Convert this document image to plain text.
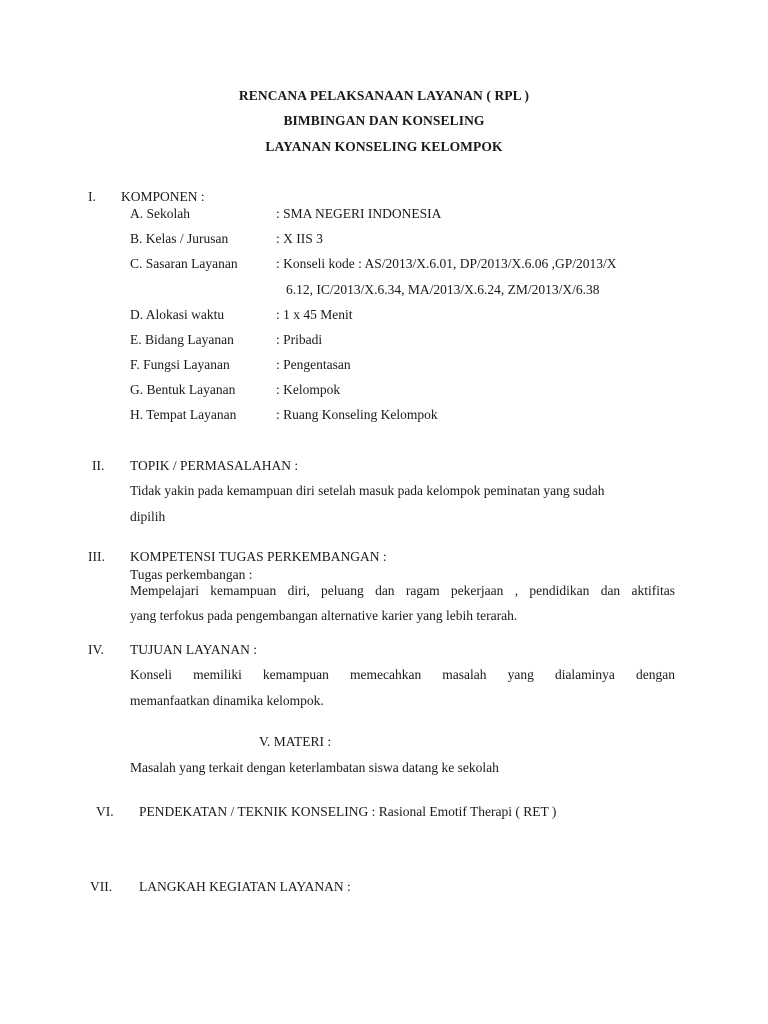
RENCANA PELAKSANAAN LAYANAN ( RPL )
BIMBINGAN DAN KONSELING
LAYANAN KONSELING KELOMPOK
I. KOMPONEN :
A. Sekolah	: SMA NEGERI INDONESIA
B. Kelas / Jurusan	: X IIS 3
C. Sasaran Layanan	: Konseli kode : AS/2013/X.6.01, DP/2013/X.6.06 ,GP/2013/X
6.12, IC/2013/X.6.34, MA/2013/X.6.24, ZM/2013/X/6.38
D. Alokasi waktu	: 1 x 45 Menit
E. Bidang Layanan	: Pribadi
F. Fungsi Layanan	: Pengentasan
G. Bentuk Layanan	: Kelompok
H. Tempat Layanan	: Ruang Konseling Kelompok
II. TOPIK / PERMASALAHAN :
Tidak yakin pada kemampuan diri setelah masuk pada kelompok peminatan yang sudah
dipilih
III. KOMPETENSI TUGAS PERKEMBANGAN :
Tugas perkembangan :
Mempelajari kemampuan diri, peluang dan ragam pekerjaan , pendidikan dan aktifitas
yang terfokus pada pengembangan alternative karier yang lebih terarah.
IV. TUJUAN LAYANAN :
Konseli memiliki kemampuan memecahkan masalah yang dialaminya dengan
memanfaatkan dinamika kelompok.
V. MATERI :
Masalah yang terkait dengan keterlambatan siswa datang ke sekolah
VI. PENDEKATAN / TEKNIK KONSELING : Rasional Emotif Therapi ( RET )
VII. LANGKAH KEGIATAN LAYANAN :
